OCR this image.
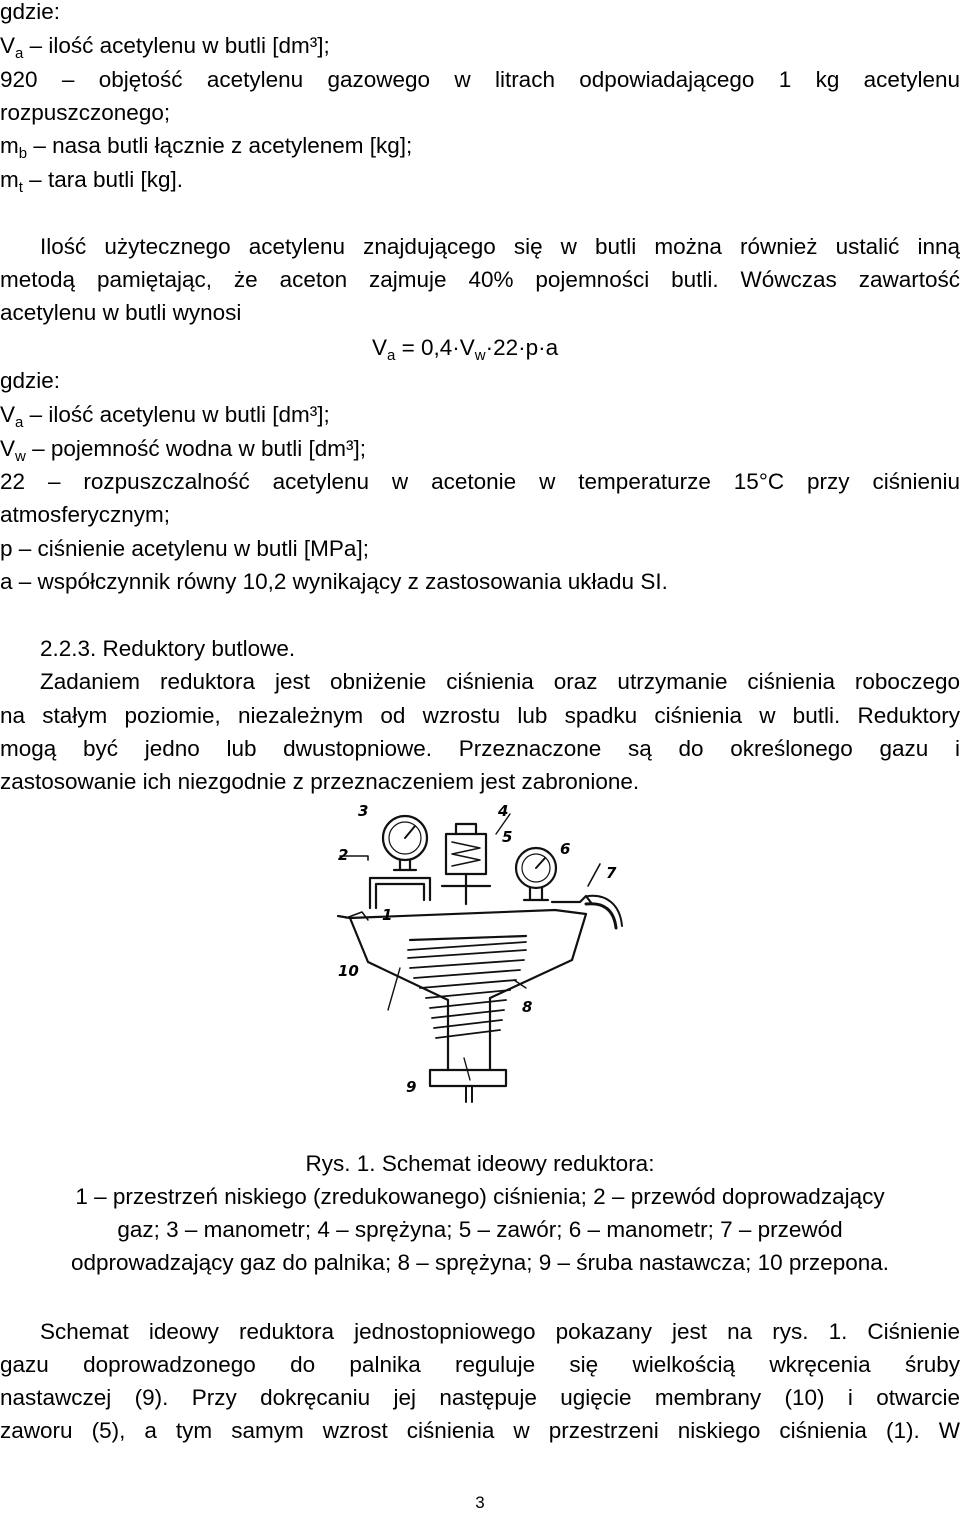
gdzie:
$V_a$ – ilość acetylenu w butli [dm³];
920 – objętość acetylenu gazowego w litrach odpowiadającego 1 kg acetylenu
rozpuszczonego;
$m_b$ – nasa butli łącznie z acetylenem [kg];
$m_t$ – tara butli [kg].
Ilość użytecznego acetylenu znajdującego się w butli można również ustalić inną
metodą pamiętając, że aceton zajmuje 40% pojemności butli. Wówczas zawartość
acetylenu w butli wynosi
$V_a = 0,4\cdot V_w\cdot 22\cdot p\cdot a$
gdzie:
$V_a$ – ilość acetylenu w butli [dm³];
$V_w$ – pojemność wodna w butli [dm³];
22 – rozpuszczalność acetylenu w acetonie w temperaturze 15°C przy ciśnieniu
atmosferycznym;
p – ciśnienie acetylenu w butli [MPa];
a – współczynnik równy 10,2 wynikający z zastosowania układu SI.
2.2.3. Reduktory butlowe.
Zadaniem reduktora jest obniżenie ciśnienia oraz utrzymanie ciśnienia roboczego
na stałym poziomie, niezależnym od wzrostu lub spadku ciśnienia w butli. Reduktory
mogą być jedno lub dwustopniowe. Przeznaczone są do określonego gazu i
zastosowanie ich niezgodnie z przeznaczeniem jest zabronione.
1
2
3	4
5
6
7
8
9
10
Rys. 1. Schemat ideowy reduktora:
1 – przestrzeń niskiego (zredukowanego) ciśnienia; 2 – przewód doprowadzający
gaz; 3 – manometr; 4 – sprężyna; 5 – zawór; 6 – manometr; 7 – przewód
odprowadzający gaz do palnika; 8 – sprężyna; 9 – śruba nastawcza; 10 przepona.
Schemat ideowy reduktora jednostopniowego pokazany jest na rys. 1. Ciśnienie
gazu doprowadzonego do palnika reguluje się wielkością wkręcenia śruby
nastawczej (9). Przy dokręcaniu jej następuje ugięcie membrany (10) i otwarcie
zaworu (5), a tym samym wzrost ciśnienia w przestrzeni niskiego ciśnienia (1). W
3
